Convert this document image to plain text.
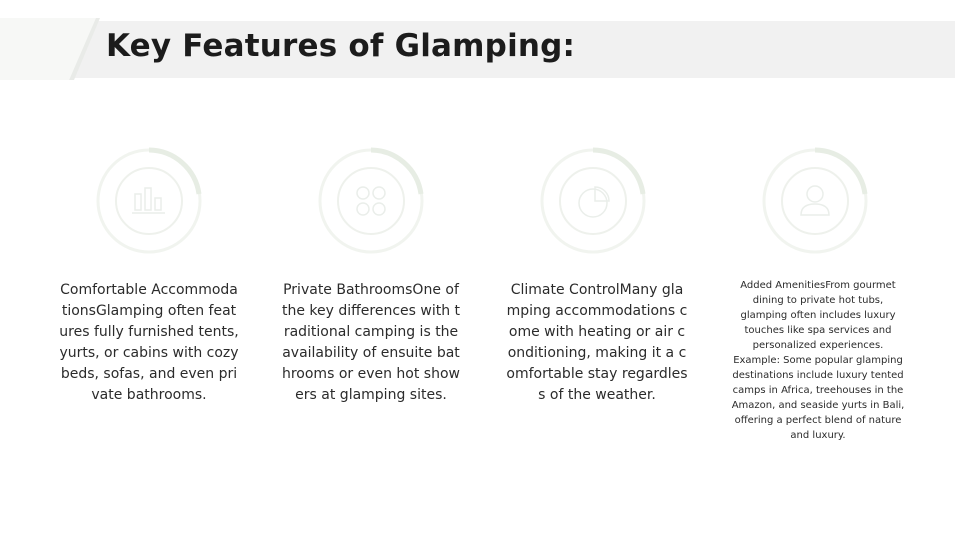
Key Features of Glamping:
Comfortable AccommodationsGlamping often features fully furnished tents, yurts, or cabins with cozy beds, sofas, and even private bathrooms.
Private BathroomsOne of the key differences with traditional camping is the availability of ensuite bathrooms or even hot showers at glamping sites.
Climate ControlMany glamping accommodations come with heating or air conditioning, making it a comfortable stay regardless of the weather.
Added AmenitiesFrom gourmet dining to private hot tubs, glamping often includes luxury touches like spa services and personalized experiences.
Example: Some popular glamping destinations include luxury tented camps in Africa, treehouses in the Amazon, and seaside yurts in Bali, offering a perfect blend of nature and luxury.
